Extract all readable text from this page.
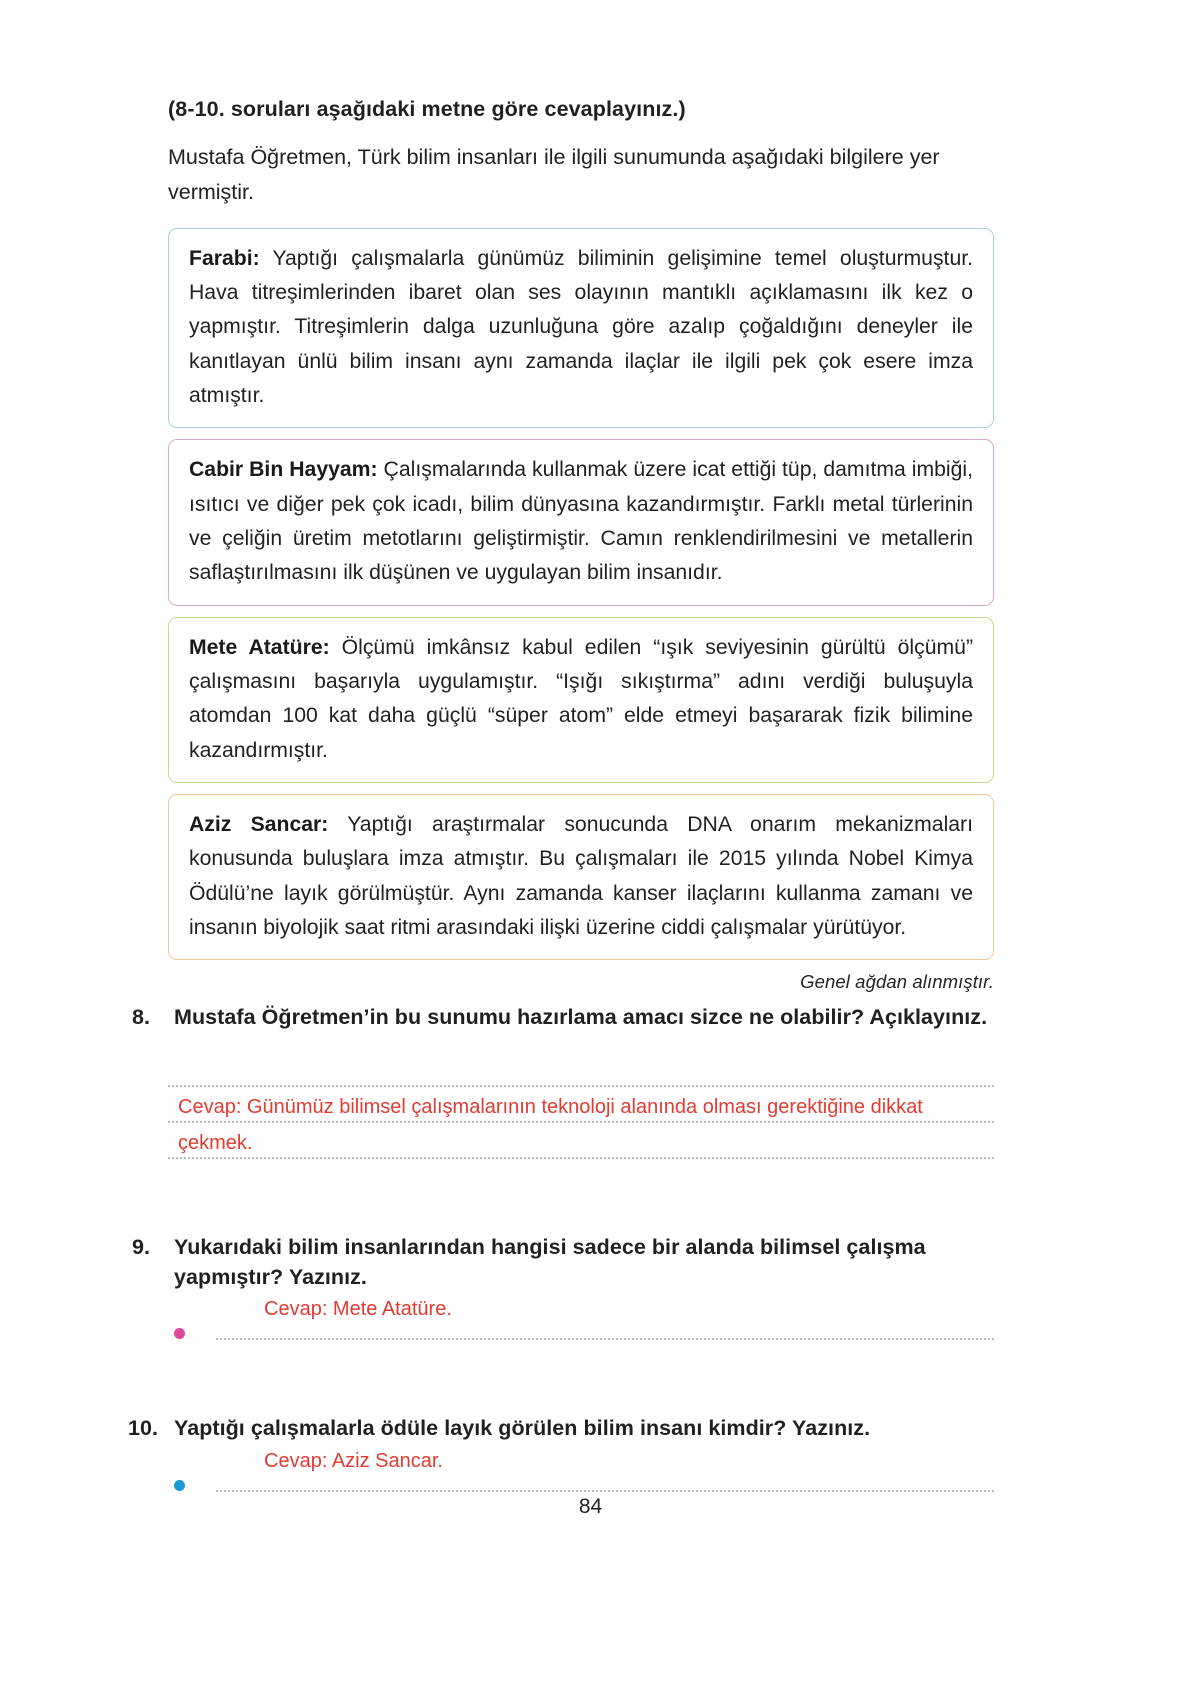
(8-10. soruları aşağıdaki metne göre cevaplayınız.)

Mustafa Öğretmen, Türk bilim insanları ile ilgili sunumunda aşağıdaki bilgilere yer vermiştir.

Farabi: Yaptığı çalışmalarla günümüz biliminin gelişimine temel oluşturmuştur. Hava titreşimlerinden ibaret olan ses olayının mantıklı açıklamasını ilk kez o yapmıştır. Titreşimlerin dalga uzunluğuna göre azalıp çoğaldığını deneyler ile kanıtlayan ünlü bilim insanı aynı zamanda ilaçlar ile ilgili pek çok esere imza atmıştır.

Cabir Bin Hayyam: Çalışmalarında kullanmak üzere icat ettiği tüp, damıtma imbiği, ısıtıcı ve diğer pek çok icadı, bilim dünyasına kazandırmıştır. Farklı metal türlerinin ve çeliğin üretim metotlarını geliştirmiştir. Camın renklendirilmesini ve metallerin saflaştırılmasını ilk düşünen ve uygulayan bilim insanıdır.

Mete Atatüre: Ölçümü imkânsız kabul edilen “ışık seviyesinin gürültü ölçümü” çalışmasını başarıyla uygulamıştır. “Işığı sıkıştırma” adını verdiği buluşuyla atomdan 100 kat daha güçlü “süper atom” elde etmeyi başararak fizik bilimine kazandırmıştır.

Aziz Sancar: Yaptığı araştırmalar sonucunda DNA onarım mekanizmaları konusunda buluşlara imza atmıştır. Bu çalışmaları ile 2015 yılında Nobel Kimya Ödülü’ne layık görülmüştür. Aynı zamanda kanser ilaçlarını kullanma zamanı ve insanın biyolojik saat ritmi arasındaki ilişki üzerine ciddi çalışmalar yürütüyor.

Genel ağdan alınmıştır.
8.	Mustafa Öğretmen’in bu sunumu hazırlama amacı sizce ne olabilir? Açıklayınız.
Cevap: Günümüz bilimsel çalışmalarının teknoloji alanında olması gerektiğine dikkat
çekmek.
9.	Yukarıdaki bilim insanlarından hangisi sadece bir alanda bilimsel çalışma yapmıştır? Yazınız.
Cevap: Mete Atatüre.
10. Yaptığı çalışmalarla ödüle layık görülen bilim insanı kimdir? Yazınız.
Cevap: Aziz Sancar.
84
